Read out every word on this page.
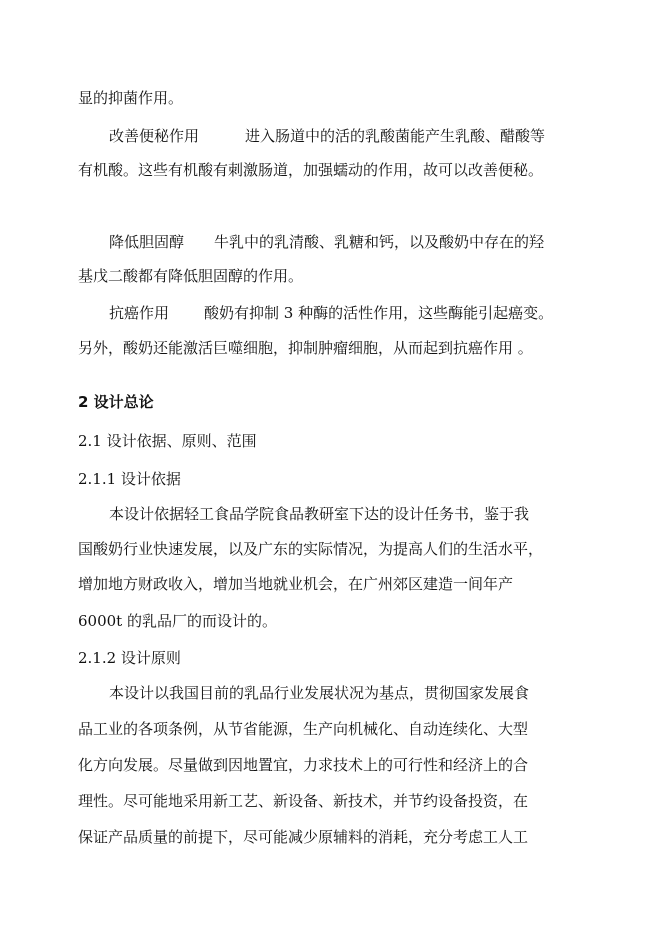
显的抑菌作用。
改善便秘作用	进入肠道中的活的乳酸菌能产生乳酸、醋酸等
有机酸。这些有机酸有刺激肠道，加强蠕动的作用，故可以改善便秘。
降低胆固醇 牛乳中的乳清酸、乳糖和钙，以及酸奶中存在的羟
基戊二酸都有降低胆固醇的作用。
抗癌作用 酸奶有抑制 3 种酶的活性作用，这些酶能引起癌变。
另外，酸奶还能激活巨噬细胞，抑制肿瘤细胞，从而起到抗癌作用 。
2 设计总论
2.1 设计依据、原则、范围
2.1.1 设计依据
本设计依据轻工食品学院食品教研室下达的设计任务书，鉴于我
国酸奶行业快速发展，以及广东的实际情况，为提高人们的生活水平，
增加地方财政收入，增加当地就业机会，在广州郊区建造一间年产
6000t 的乳品厂的而设计的。
2.1.2 设计原则
本设计以我国目前的乳品行业发展状况为基点，贯彻国家发展食
品工业的各项条例，从节省能源，生产向机械化、自动连续化、大型
化方向发展。尽量做到因地置宜，力求技术上的可行性和经济上的合
理性。尽可能地采用新工艺、新设备、新技术，并节约设备投资，在
保证产品质量的前提下，尽可能减少原辅料的消耗，充分考虑工人工
